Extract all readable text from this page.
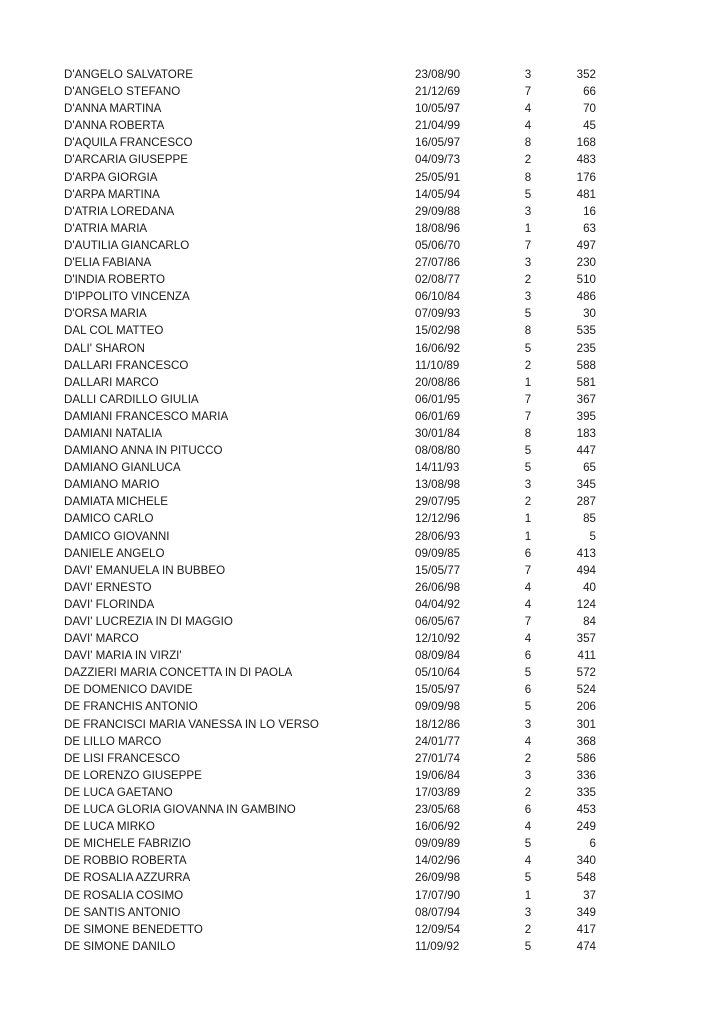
D'ANGELO SALVATORE	23/08/90	3	352
D'ANGELO STEFANO	21/12/69	7	66
D'ANNA MARTINA	10/05/97	4	70
D'ANNA ROBERTA	21/04/99	4	45
D'AQUILA FRANCESCO	16/05/97	8	168
D'ARCARIA GIUSEPPE	04/09/73	2	483
D'ARPA GIORGIA	25/05/91	8	176
D'ARPA MARTINA	14/05/94	5	481
D'ATRIA LOREDANA	29/09/88	3	16
D'ATRIA MARIA	18/08/96	1	63
D'AUTILIA GIANCARLO	05/06/70	7	497
D'ELIA FABIANA	27/07/86	3	230
D'INDIA ROBERTO	02/08/77	2	510
D'IPPOLITO VINCENZA	06/10/84	3	486
D'ORSA MARIA	07/09/93	5	30
DAL COL MATTEO	15/02/98	8	535
DALI' SHARON	16/06/92	5	235
DALLARI FRANCESCO	11/10/89	2	588
DALLARI MARCO	20/08/86	1	581
DALLI CARDILLO GIULIA	06/01/95	7	367
DAMIANI FRANCESCO MARIA	06/01/69	7	395
DAMIANI NATALIA	30/01/84	8	183
DAMIANO ANNA IN PITUCCO	08/08/80	5	447
DAMIANO GIANLUCA	14/11/93	5	65
DAMIANO MARIO	13/08/98	3	345
DAMIATA MICHELE	29/07/95	2	287
DAMICO CARLO	12/12/96	1	85
DAMICO GIOVANNI	28/06/93	1	5
DANIELE ANGELO	09/09/85	6	413
DAVI' EMANUELA IN BUBBEO	15/05/77	7	494
DAVI' ERNESTO	26/06/98	4	40
DAVI' FLORINDA	04/04/92	4	124
DAVI' LUCREZIA IN DI MAGGIO	06/05/67	7	84
DAVI' MARCO	12/10/92	4	357
DAVI' MARIA IN VIRZI'	08/09/84	6	411
DAZZIERI MARIA CONCETTA IN DI PAOLA	05/10/64	5	572
DE DOMENICO DAVIDE	15/05/97	6	524
DE FRANCHIS ANTONIO	09/09/98	5	206
DE FRANCISCI MARIA VANESSA IN LO VERSO	18/12/86	3	301
DE LILLO MARCO	24/01/77	4	368
DE LISI FRANCESCO	27/01/74	2	586
DE LORENZO GIUSEPPE	19/06/84	3	336
DE LUCA GAETANO	17/03/89	2	335
DE LUCA GLORIA GIOVANNA IN GAMBINO	23/05/68	6	453
DE LUCA MIRKO	16/06/92	4	249
DE MICHELE FABRIZIO	09/09/89	5	6
DE ROBBIO ROBERTA	14/02/96	4	340
DE ROSALIA AZZURRA	26/09/98	5	548
DE ROSALIA COSIMO	17/07/90	1	37
DE SANTIS ANTONIO	08/07/94	3	349
DE SIMONE BENEDETTO	12/09/54	2	417
DE SIMONE DANILO	11/09/92	5	474
